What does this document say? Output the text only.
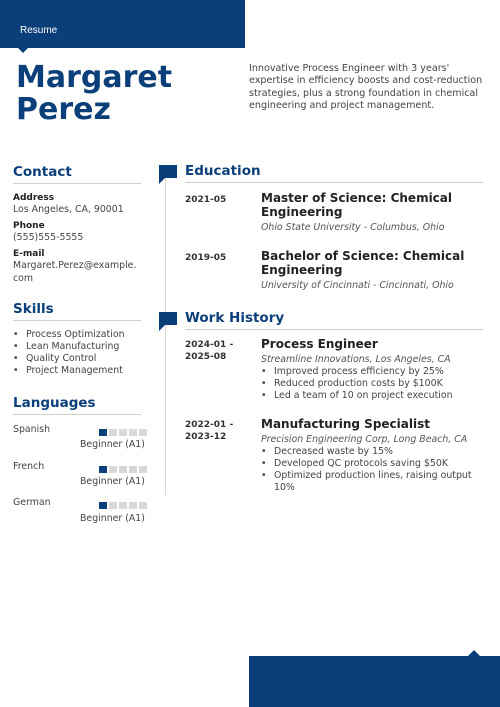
Resume
Margaret
Perez
Innovative Process Engineer with 3 years' expertise in efficiency boosts and cost-reduction strategies, plus a strong foundation in chemical engineering and project management.
Contact
Address
Los Angeles, CA, 90001
Phone
(555)555-5555
E-mail
Margaret.Perez@example.com
Skills
• Process Optimization
• Lean Manufacturing
• Quality Control
• Project Management
Languages
Spanish
Beginner (A1)
French
Beginner (A1)
German
Beginner (A1)
Education
2021-05	Master of Science: Chemical Engineering
Ohio State University - Columbus, Ohio
2019-05	Bachelor of Science: Chemical Engineering
University of Cincinnati - Cincinnati, Ohio
Work History
2024-01 - 2025-08
Process Engineer
Streamline Innovations, Los Angeles, CA
• Improved process efficiency by 25%
• Reduced production costs by $100K
• Led a team of 10 on project execution
2022-01 - 2023-12
Manufacturing Specialist
Precision Engineering Corp, Long Beach, CA
• Decreased waste by 15%
• Developed QC protocols saving $50K
• Optimized production lines, raising output 10%
